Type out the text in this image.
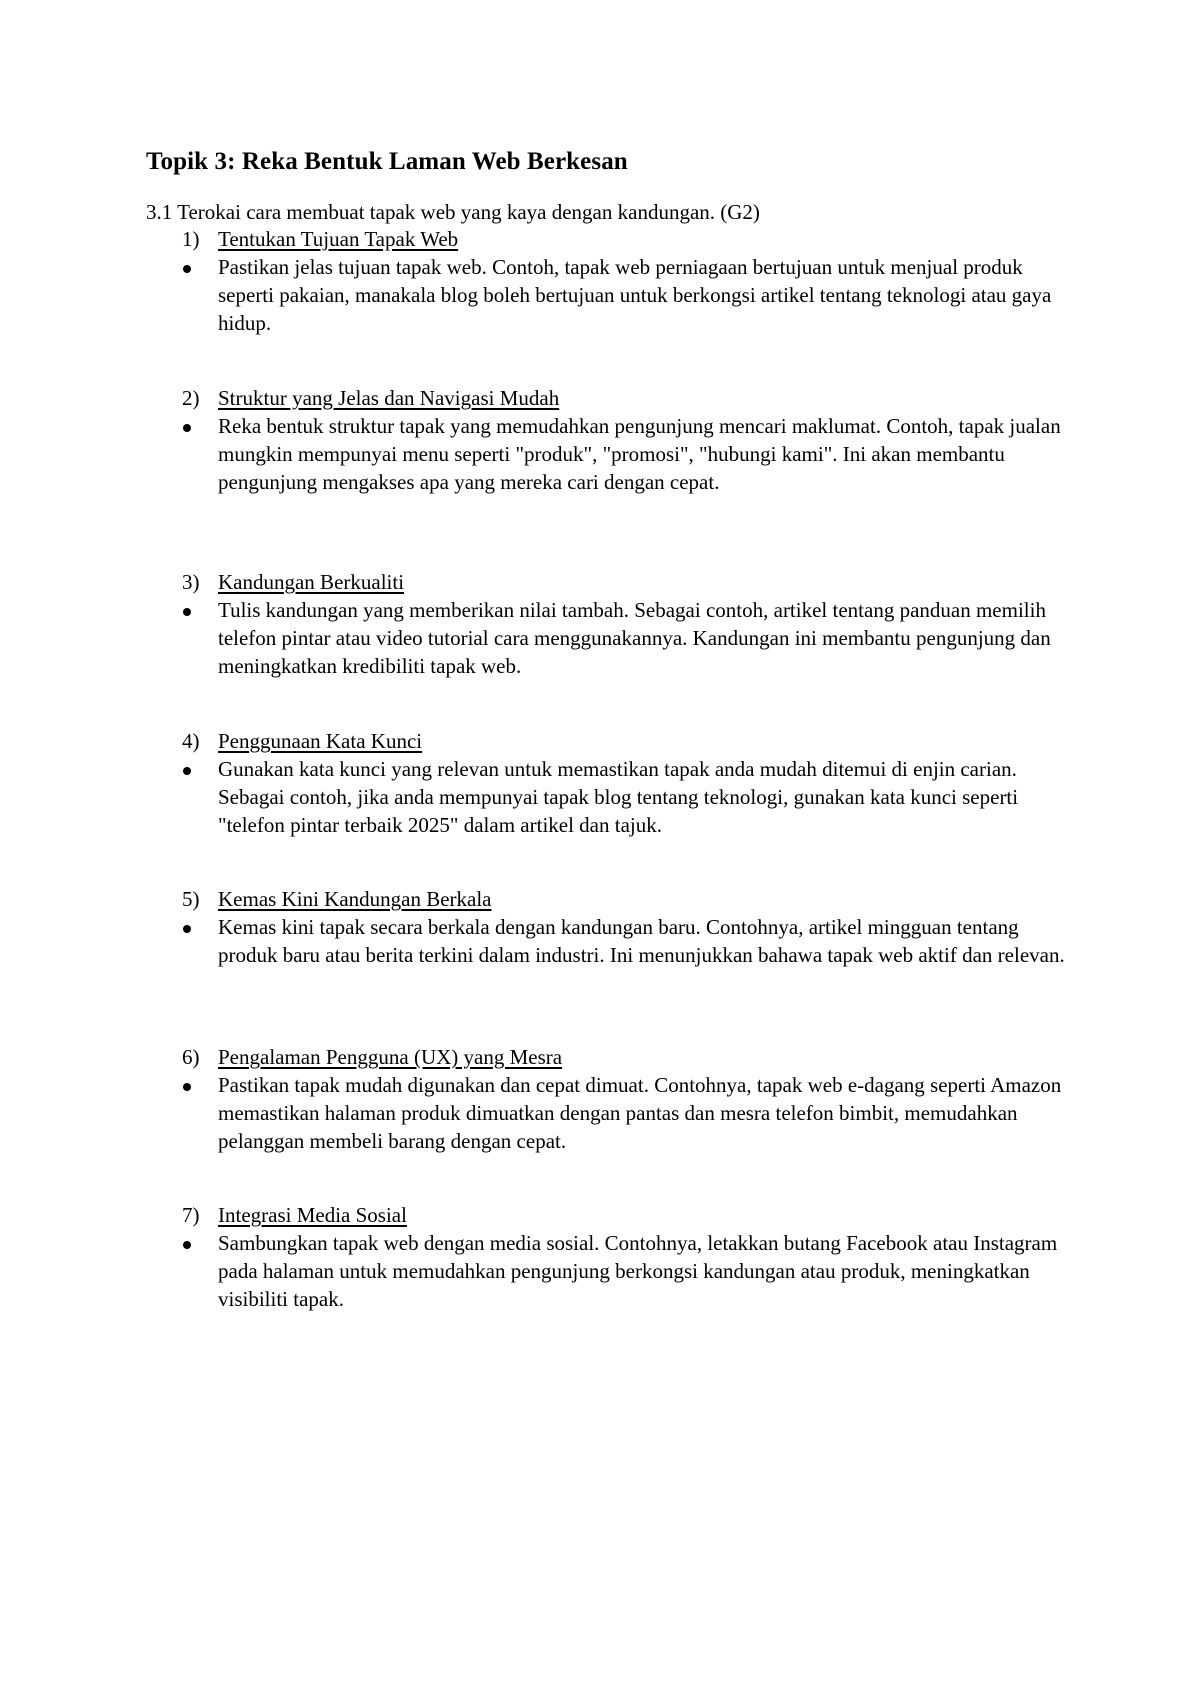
Topik 3: Reka Bentuk Laman Web Berkesan

3.1 Terokai cara membuat tapak web yang kaya dengan kandungan. (G2)

1) Tentukan Tujuan Tapak Web
Pastikan jelas tujuan tapak web. Contoh, tapak web perniagaan bertujuan untuk menjual produk seperti pakaian, manakala blog boleh bertujuan untuk berkongsi artikel tentang teknologi atau gaya hidup.
2) Struktur yang Jelas dan Navigasi Mudah
Reka bentuk struktur tapak yang memudahkan pengunjung mencari maklumat. Contoh, tapak jualan mungkin mempunyai menu seperti "produk", "promosi", "hubungi kami". Ini akan membantu pengunjung mengakses apa yang mereka cari dengan cepat.
3) Kandungan Berkualiti
Tulis kandungan yang memberikan nilai tambah. Sebagai contoh, artikel tentang panduan memilih telefon pintar atau video tutorial cara menggunakannya. Kandungan ini membantu pengunjung dan meningkatkan kredibiliti tapak web.
4) Penggunaan Kata Kunci
Gunakan kata kunci yang relevan untuk memastikan tapak anda mudah ditemui di enjin carian. Sebagai contoh, jika anda mempunyai tapak blog tentang teknologi, gunakan kata kunci seperti "telefon pintar terbaik 2025" dalam artikel dan tajuk.
5) Kemas Kini Kandungan Berkala
Kemas kini tapak secara berkala dengan kandungan baru. Contohnya, artikel mingguan tentang produk baru atau berita terkini dalam industri. Ini menunjukkan bahawa tapak web aktif dan relevan.
6) Pengalaman Pengguna (UX) yang Mesra
Pastikan tapak mudah digunakan dan cepat dimuat. Contohnya, tapak web e-dagang seperti Amazon memastikan halaman produk dimuatkan dengan pantas dan mesra telefon bimbit, memudahkan pelanggan membeli barang dengan cepat.
7) Integrasi Media Sosial
Sambungkan tapak web dengan media sosial. Contohnya, letakkan butang Facebook atau Instagram pada halaman untuk memudahkan pengunjung berkongsi kandungan atau produk, meningkatkan visibiliti tapak.
